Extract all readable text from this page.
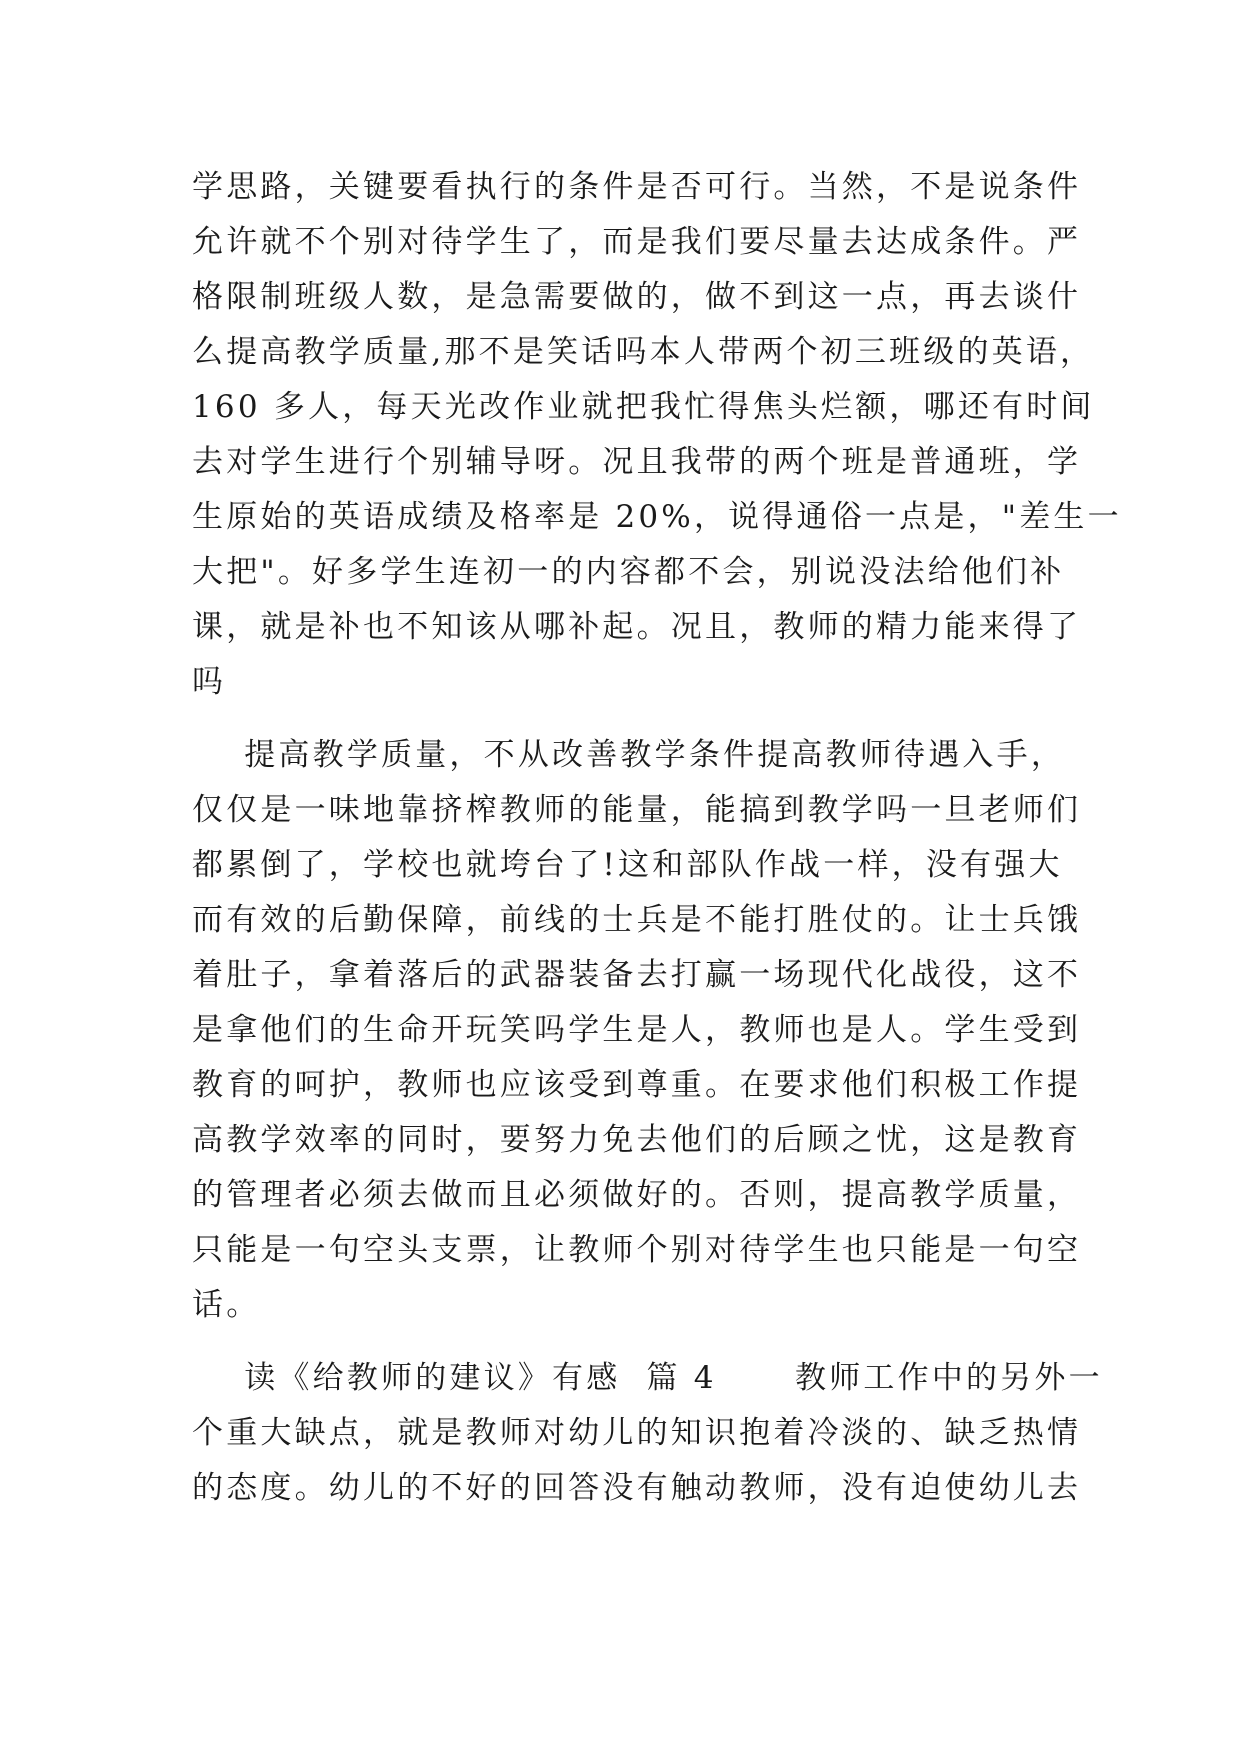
学思路，关键要看执行的条件是否可行。当然，不是说条件
允许就不个别对待学生了，而是我们要尽量去达成条件。严
格限制班级人数，是急需要做的，做不到这一点，再去谈什
么提高教学质量,那不是笑话吗本人带两个初三班级的英语，
160 多人，每天光改作业就把我忙得焦头烂额，哪还有时间
去对学生进行个别辅导呀。况且我带的两个班是普通班，学
生原始的英语成绩及格率是 20%，说得通俗一点是，"差生一
大把"。好多学生连初一的内容都不会，别说没法给他们补
课，就是补也不知该从哪补起。况且，教师的精力能来得了
吗
提高教学质量，不从改善教学条件提高教师待遇入手，
仅仅是一味地靠挤榨教师的能量，能搞到教学吗一旦老师们
都累倒了，学校也就垮台了!这和部队作战一样，没有强大
而有效的后勤保障，前线的士兵是不能打胜仗的。让士兵饿
着肚子，拿着落后的武器装备去打赢一场现代化战役，这不
是拿他们的生命开玩笑吗学生是人，教师也是人。学生受到
教育的呵护，教师也应该受到尊重。在要求他们积极工作提
高教学效率的同时，要努力免去他们的后顾之忧，这是教育
的管理者必须去做而且必须做好的。否则，提高教学质量，
只能是一句空头支票，让教师个别对待学生也只能是一句空
话。
读《给教师的建议》有感  篇 4      教师工作中的另外一
个重大缺点，就是教师对幼儿的知识抱着冷淡的、缺乏热情
的态度。幼儿的不好的回答没有触动教师，没有迫使幼儿去
